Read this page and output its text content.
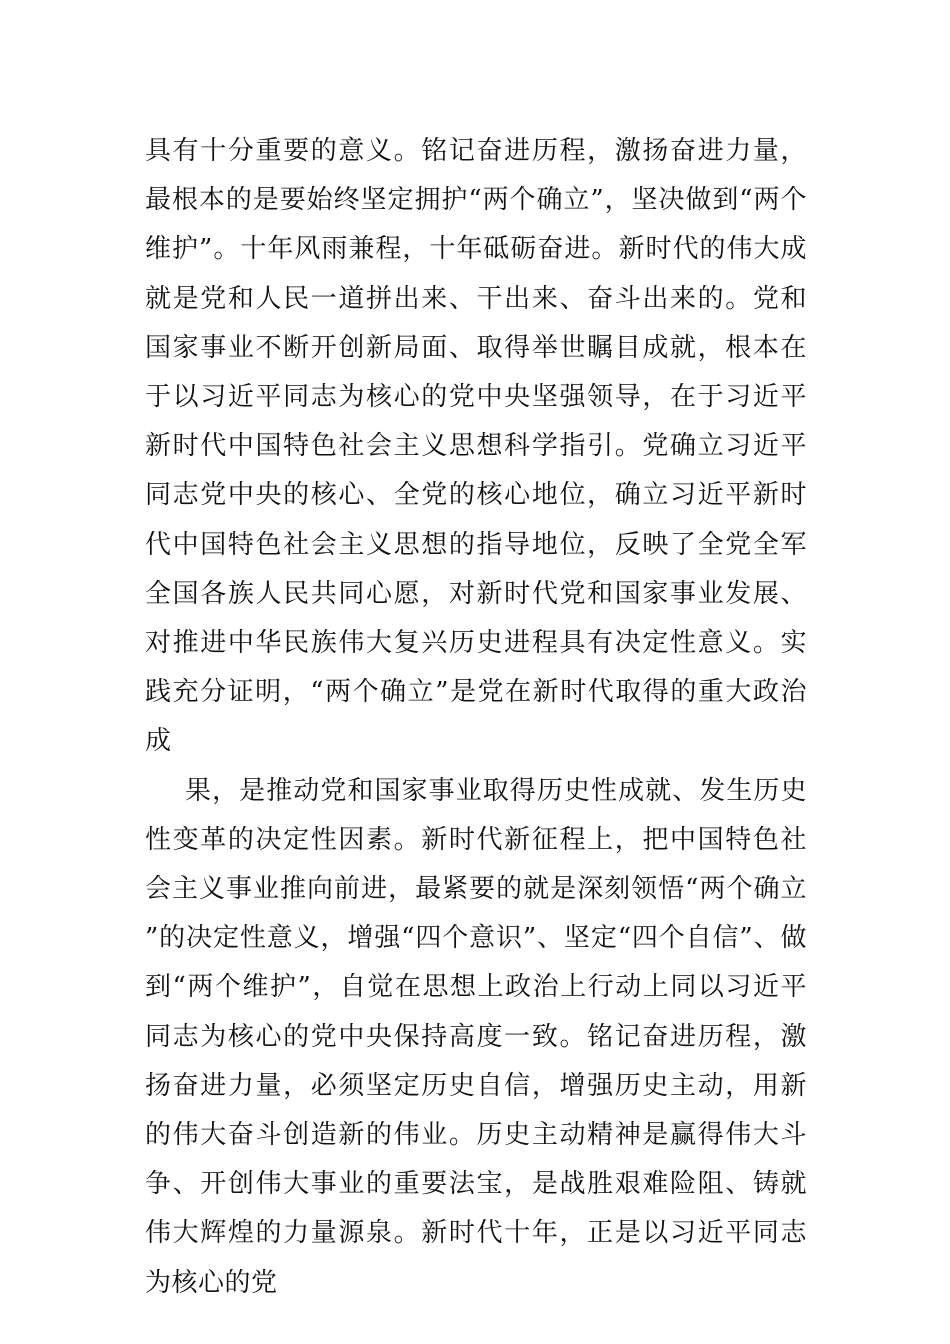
具有十分重要的意义。铭记奋进历程，激扬奋进力量，最根本的是要始终坚定拥护“两个确立”，坚决做到“两个维护”。十年风雨兼程，十年砥砺奋进。新时代的伟大成就是党和人民一道拼出来、干出来、奋斗出来的。党和国家事业不断开创新局面、取得举世瞩目成就，根本在于以习近平同志为核心的党中央坚强领导，在于习近平新时代中国特色社会主义思想科学指引。党确立习近平同志党中央的核心、全党的核心地位，确立习近平新时代中国特色社会主义思想的指导地位，反映了全党全军全国各族人民共同心愿，对新时代党和国家事业发展、对推进中华民族伟大复兴历史进程具有决定性意义。实践充分证明，“两个确立”是党在新时代取得的重大政治成

果，是推动党和国家事业取得历史性成就、发生历史性变革的决定性因素。新时代新征程上，把中国特色社会主义事业推向前进，最紧要的就是深刻领悟“两个确立”的决定性意义，增强“四个意识”、坚定“四个自信”、做到“两个维护”，自觉在思想上政治上行动上同以习近平同志为核心的党中央保持高度一致。铭记奋进历程，激扬奋进力量，必须坚定历史自信，增强历史主动，用新的伟大奋斗创造新的伟业。历史主动精神是赢得伟大斗争、开创伟大事业的重要法宝，是战胜艰难险阻、铸就伟大辉煌的力量源泉。新时代十年，正是以习近平同志为核心的党
